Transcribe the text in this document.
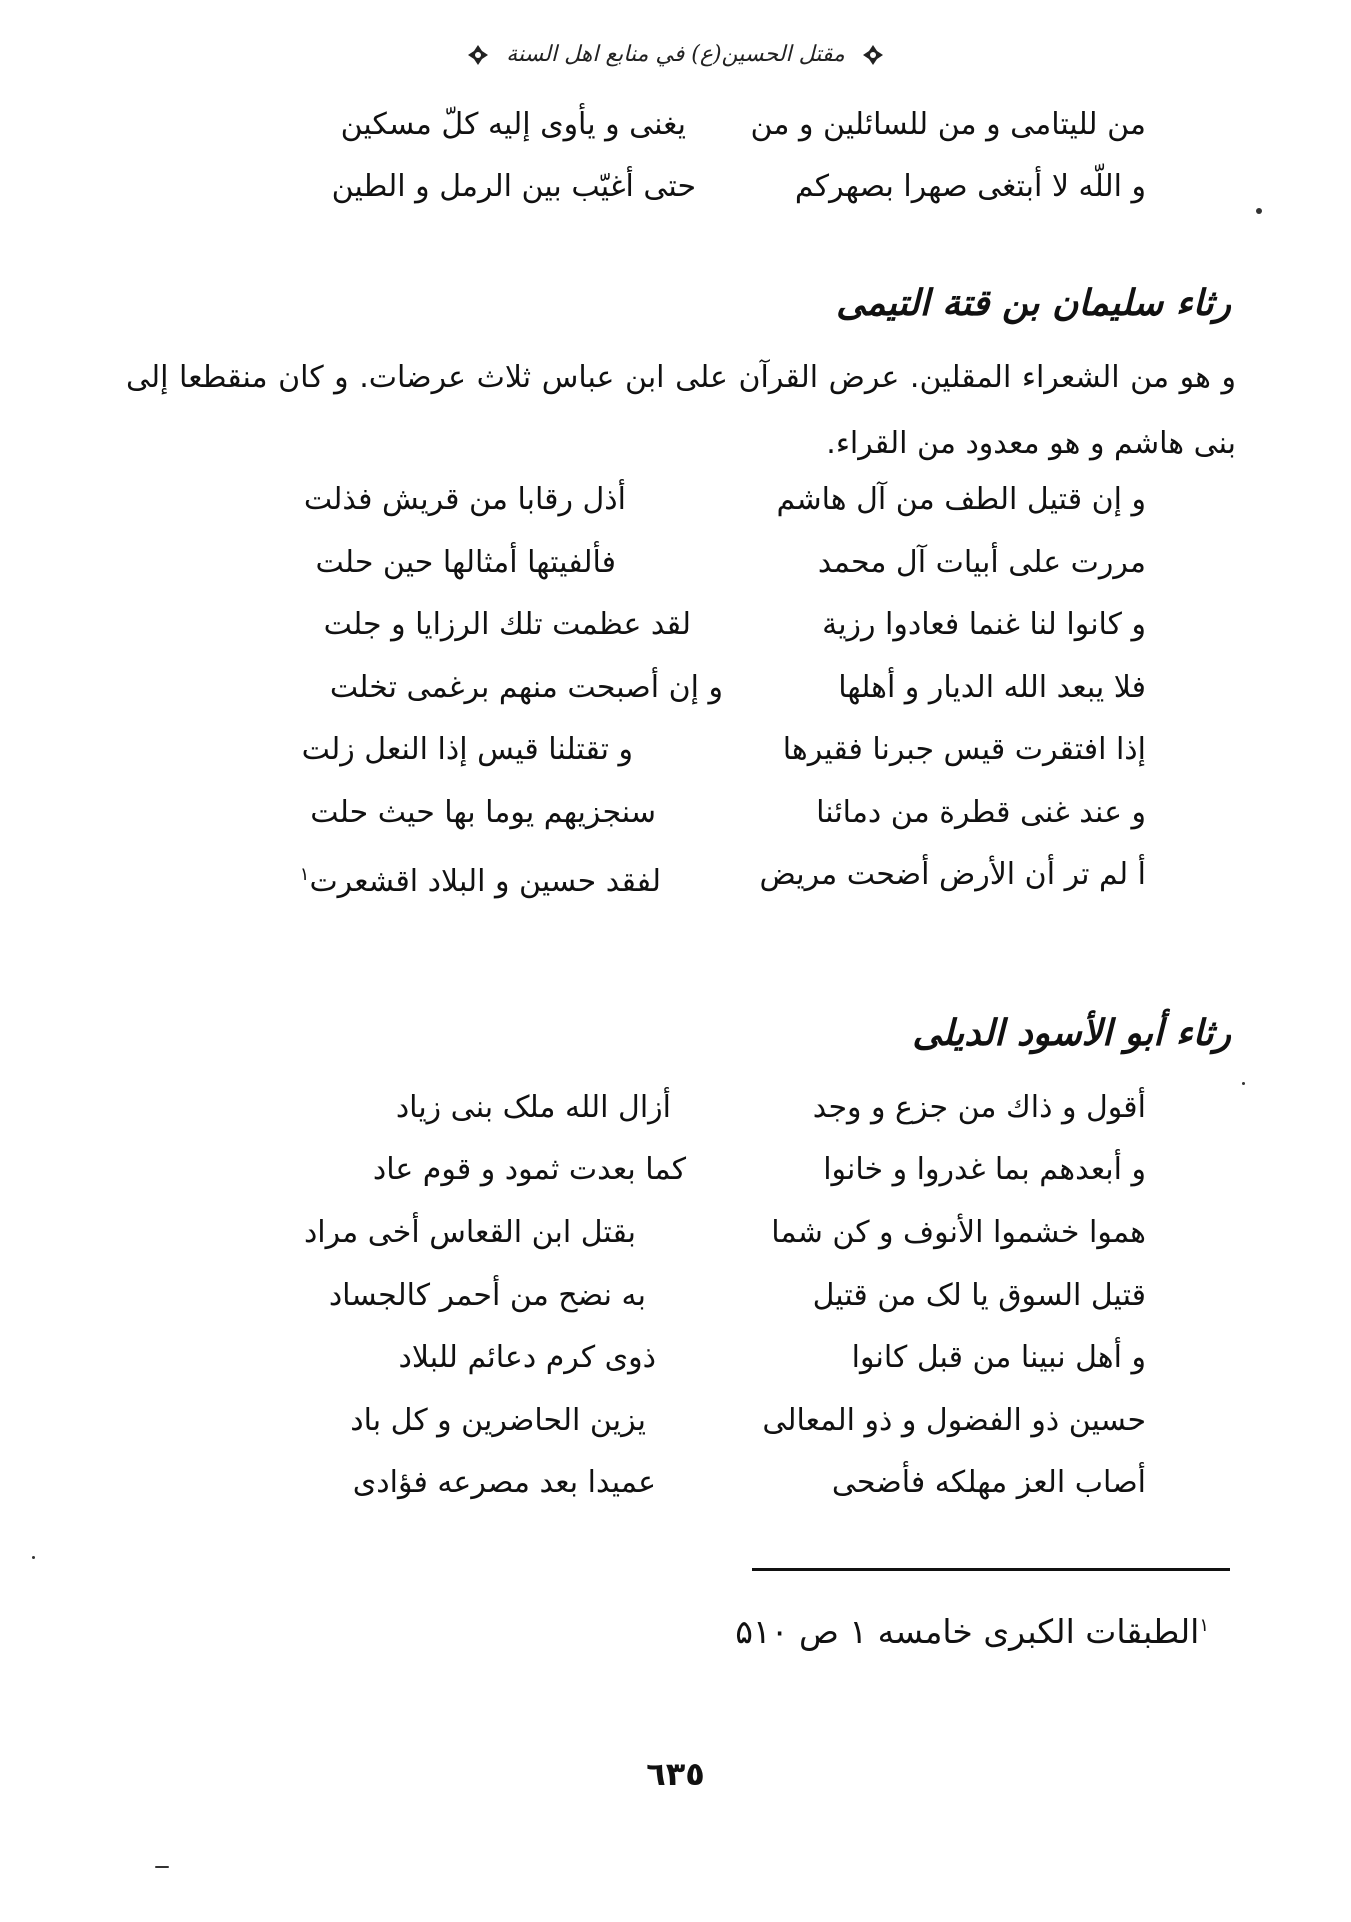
مقتل الحسين(ع) في منابع اهل السنة
من لليتامى و من للسائلين و من
يغنى و يأوى إليه كلّ مسكين
و اللّه لا أبتغى صهرا بصهركم
حتى أغيّب بين الرمل و الطين
رثاء سليمان بن قتة التيمى
و هو من الشعراء المقلين. عرض القرآن على ابن عباس ثلاث عرضات. و كان منقطعا إلى بنى هاشم و هو معدود من القراء.
و إن قتيل الطف من آل هاشم
أذل رقابا من قريش فذلت
مررت على أبيات آل محمد
فألفيتها أمثالها حين حلت
و كانوا لنا غنما فعادوا رزية
لقد عظمت تلك الرزايا و جلت
فلا يبعد الله الديار و أهلها
و إن أصبحت منهم برغمى تخلت
إذا افتقرت قيس جبرنا فقيرها
و تقتلنا قيس إذا النعل زلت
و عند غنى قطرة من دمائنا
سنجزيهم يوما بها حيث حلت
أ لم تر أن الأرض أضحت مريض
لفقد حسين و البلاد اقشعرت$^۱$
رثاء أبو الأسود الديلى
أقول و ذاك من جزع و وجد
أزال الله ملک بنى زياد
و أبعدهم بما غدروا و خانوا
كما بعدت ثمود و قوم عاد
هموا خشموا الأنوف و كن شما
بقتل ابن القعاس أخى مراد
قتيل السوق يا لک من قتيل
به نضح من أحمر كالجساد
و أهل نبينا من قبل كانوا
ذوى كرم دعائم للبلاد
حسين ذو الفضول و ذو المعالى
يزين الحاضرين و كل باد
أصاب العز مهلكه فأضحى
عميدا بعد مصرعه فؤادى
$^۱$الطبقات الكبرى خامسه ۱ ص ۵۱۰
٦٣٥
